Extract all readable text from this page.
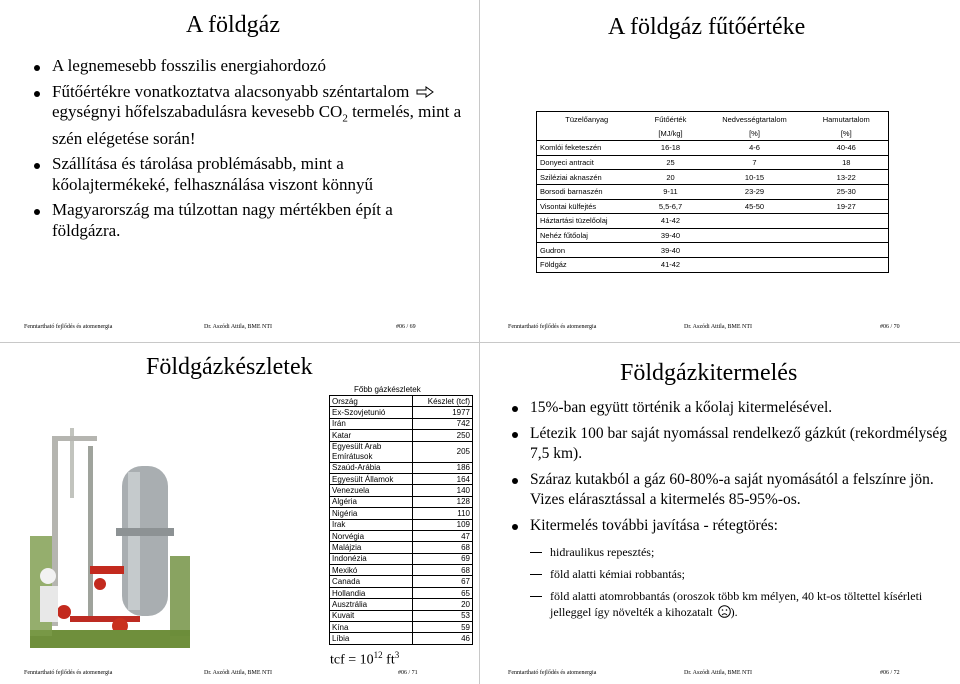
A földgáz
A legnemesebb fosszilis energiahordozó
Fűtőértékre vonatkoztatva alacsonyabb széntartalom  egységnyi hőfelszabadulásra kevesebb $CO_2$ termelés, mint a szén elégetése során!
Szállítása és tárolása problémásabb, mint a kőolajtermékeké, felhasználása viszont könnyű
Magyarország ma túlzottan nagy mértékben épít a földgázra.
Fenntartható fejlődés és atomenergia	Dr. Aszódi Attila, BME NTI	#06 / 69
A földgáz fűtőértéke
Tüzelőanyag	Fűtőérték	Nedvességtartalom	Hamutartalom
	[MJ/kg]	[%]	[%]
Komlói feketeszén	16-18	4-6	40-46
Donyeci antracit	25	7	18
Sziléziai aknaszén	20	10-15	13-22
Borsodi barnaszén	9-11	23-29	25-30
Visontai külfejtés	5,5-6,7	45-50	19-27
Háztartási tüzelőolaj	41-42		
Nehéz fűtőolaj	39-40		
Gudron	39-40		
Földgáz	41-42		
Fenntartható fejlődés és atomenergia	Dr. Aszódi Attila, BME NTI	#06 / 70
Földgázkészletek
Főbb gázkészletek
Ország	Készlet (tcf)
Ex-Szovjetunió	1977
Irán	742
Katar	250
Egyesült Arab Emírátusok	205
Szaúd-Arábia	186
Egyesült Államok	164
Venezuela	140
Algéria	128
Nigéria	110
Irak	109
Norvégia	47
Malájzia	68
Indonézia	69
Mexikó	68
Canada	67
Hollandia	65
Ausztrália	20
Kuvait	53
Kína	59
Líbia	46
tcf = $10^{12}$ $ft^3$
Fenntartható fejlődés és atomenergia	Dr. Aszódi Attila, BME NTI	#06 / 71
Földgázkitermelés
15%-ban együtt történik a kőolaj kitermelésével.
Létezik 100 bar saját nyomással rendelkező gázkút (rekordmélység 7,5 km).
Száraz kutakból a gáz 60-80%-a saját nyomásától a felszínre jön. Vizes elárasztással a kitermelés 85-95%-os.
Kitermelés további javítása - rétegtörés:
hidraulikus repesztés;
föld alatti kémiai robbantás;
föld alatti atomrobbantás (oroszok több km mélyen, 40 kt-os töltettel kísérleti jelleggel így növelték a kihozatalt ).
Fenntartható fejlődés és atomenergia	Dr. Aszódi Attila, BME NTI	#06 / 72
